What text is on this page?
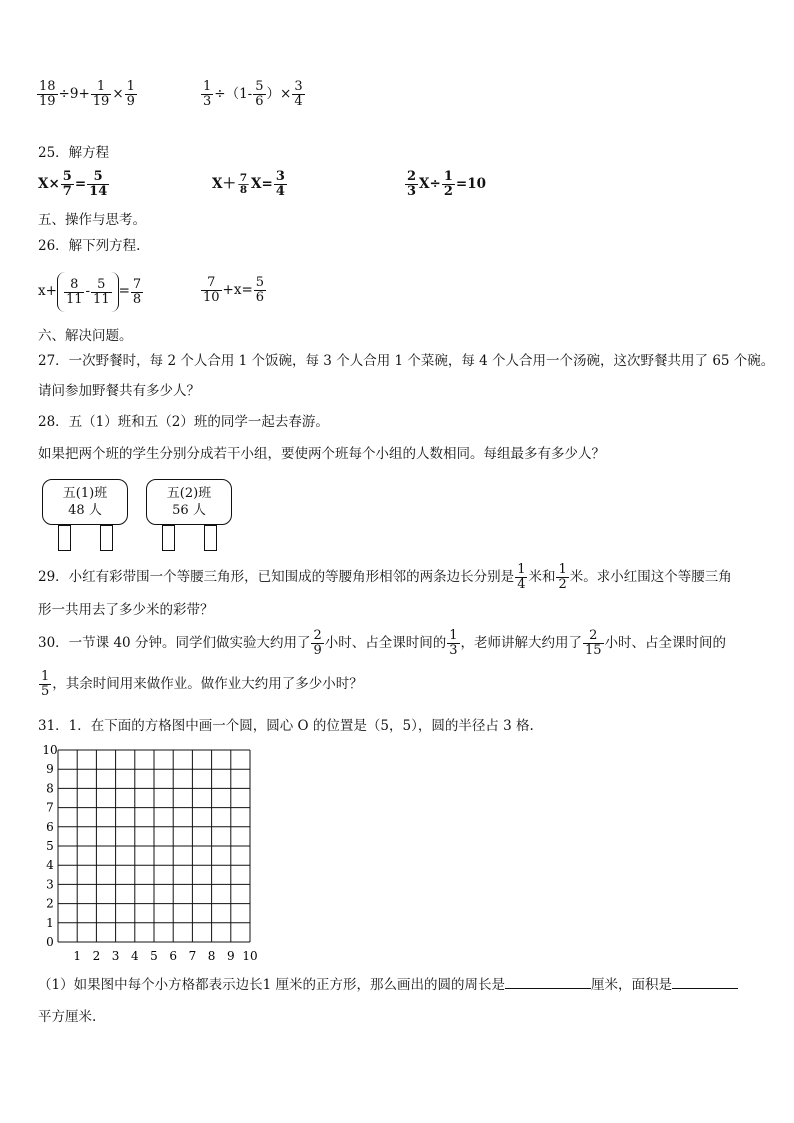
$\frac{18}{19} \div 9+ \frac{1}{19} \times \frac{1}{9}$	$\frac{1}{3} \div(1- \frac{5}{6}$ ）× $\frac{3}{4}$
25．解方程
$X\times \frac{5}{7} = \frac{5}{14}$	$X+ \frac{7}{8} X= \frac{3}{4}$	$\frac{2}{3} X\div \frac{1}{2} =10$
五、操作与思考。
26．解下列方程.
$x+ \frac{8}{11} - \frac{5}{11} = \frac{7}{8}$	$\frac{7}{10} +x= \frac{5}{6}$
六、解决问题。
27．一次野餐时，每 2 个人合用 1 个饭碗，每 3 个人合用 1 个菜碗，每 4 个人合用一个汤碗，这次野餐共用了 65 个碗。
请问参加野餐共有多少人？
28．五（1）班和五（2）班的同学一起去春游。
如果把两个班的学生分别分成若干小组，要使两个班每个小组的人数相同。每组最多有多少人？
五(1)班
48 人
五(2)班
56 人
29．小红有彩带围一个等腰三角形，已知围成的等腰角形相邻的两条边长分别是 $\frac{1}{4}$ 米和 $\frac{1}{2}$ 米。求小红围这个等腰三角
形一共用去了多少米的彩带？
30．一节课 40 分钟。同学们做实验大约用了 $\frac{2}{9}$ 小时、占全课时间的 $\frac{1}{3}$ ，老师讲解大约用了 $\frac{2}{15}$ 小时、占全课时间的
$\frac{1}{5}$ ，其余时间用来做作业。做作业大约用了多少小时？
31．1．在下面的方格图中画一个圆，圆心 O 的位置是（5，5），圆的半径占 3 格.
0
1
2
3
4
5
6
7
8
9
10
1 2 3 4 5 6 7 8 9 10
（1）如果图中每个小方格都表示边长1 厘米的正方形，那么画出的圆的周长是	厘米，面积是
平方厘米.
